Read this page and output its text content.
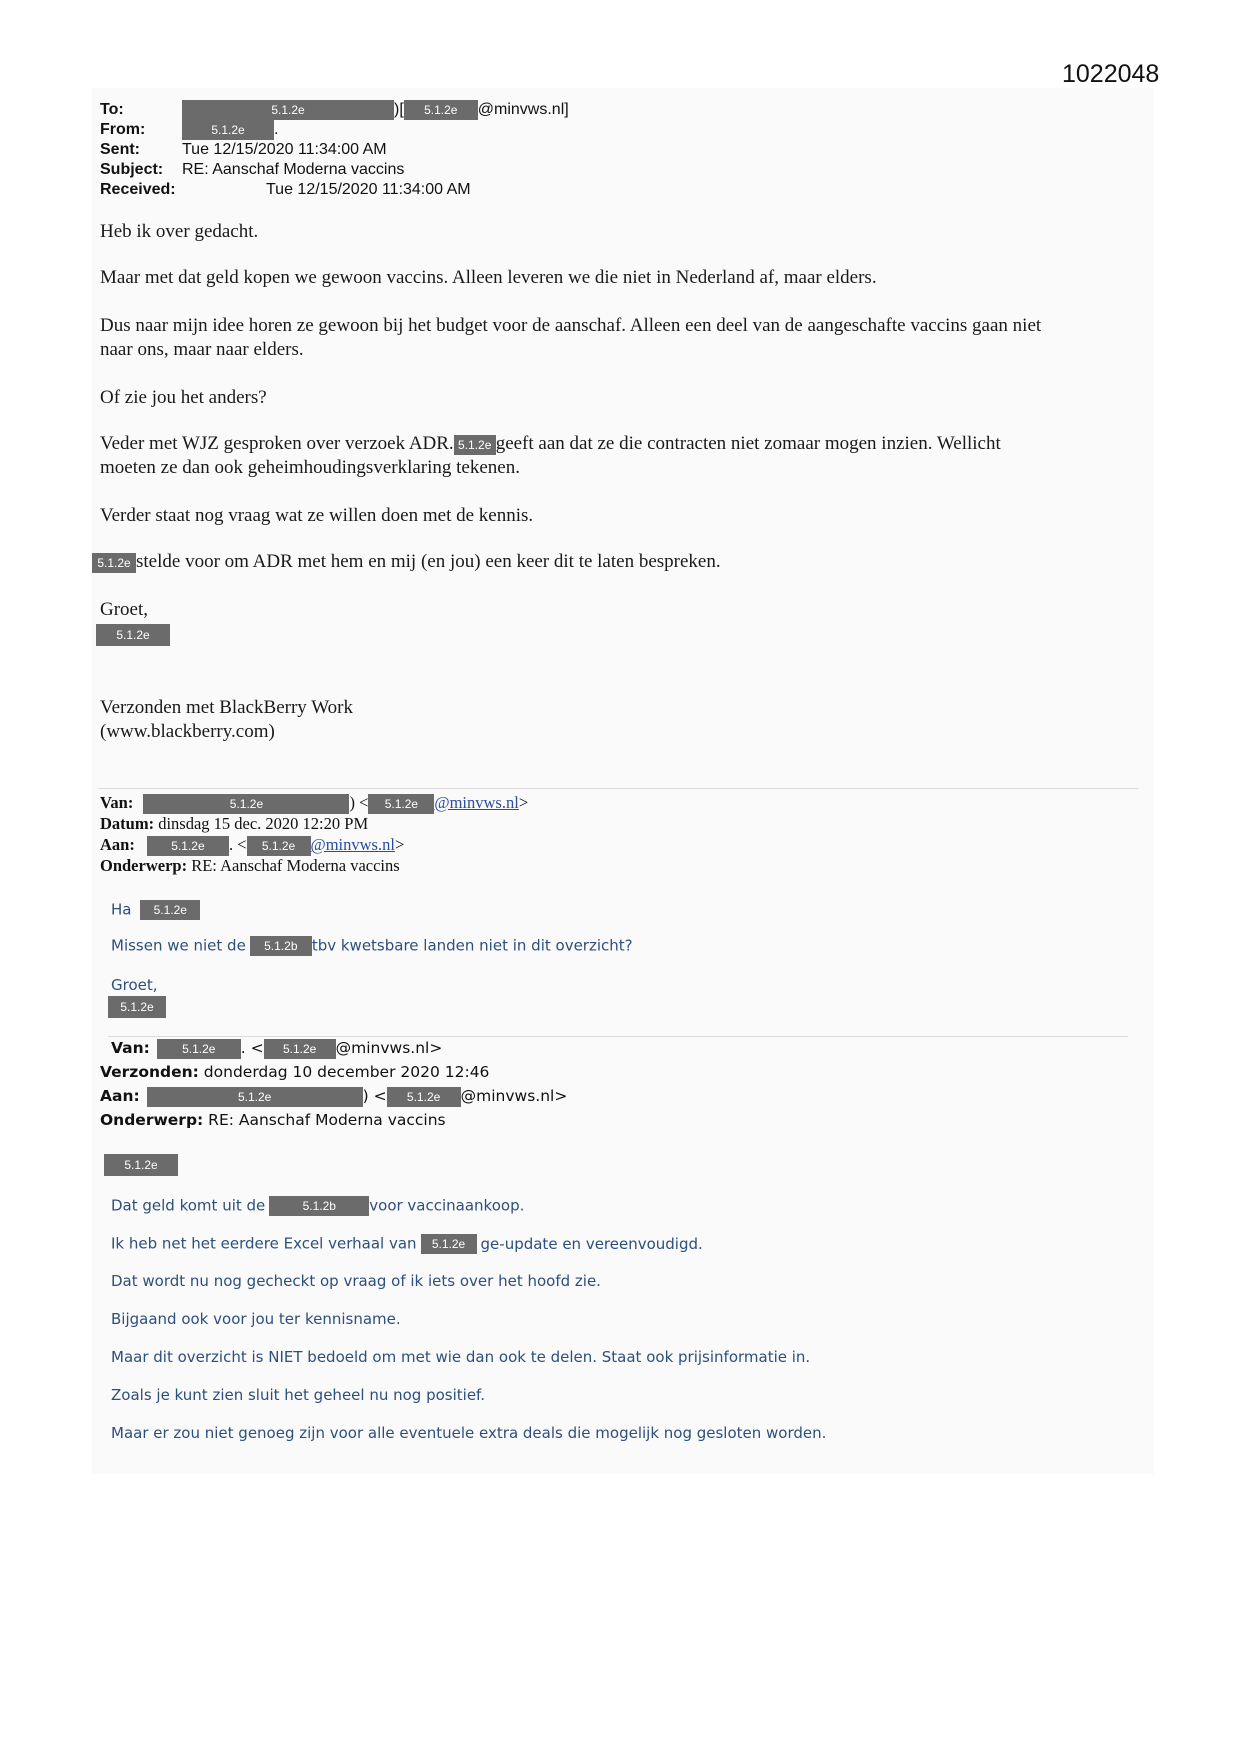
1022048
To:	5.1.2e	)[ 5.1.2e @minvws.nl]
From:	5.1.2e .
Sent:	Tue 12/15/2020 11:34:00 AM
Subject: RE: Aanschaf Moderna vaccins
Received:	Tue 12/15/2020 11:34:00 AM
Heb ik over gedacht.
Maar met dat geld kopen we gewoon vaccins. Alleen leveren we die niet in Nederland af, maar elders.
Dus naar mijn idee horen ze gewoon bij het budget voor de aanschaf. Alleen een deel van de aangeschafte vaccins gaan niet
naar ons, maar naar elders.
Of zie jou het anders?
Veder met WJZ gesproken over verzoek ADR. 5.1.2e geeft aan dat ze die contracten niet zomaar mogen inzien. Wellicht
moeten ze dan ook geheimhoudingsverklaring tekenen.
Verder staat nog vraag wat ze willen doen met de kennis.
5.1.2e stelde voor om ADR met hem en mij (en jou) een keer dit te laten bespreken.
Groet,
5.1.2e
Verzonden met BlackBerry Work
(www.blackberry.com)
Van:	5.1.2e	) < 5.1.2e @minvws.nl>
Datum: dinsdag 15 dec. 2020 12:20 PM
Aan:	5.1.2e . < 5.1.2e @minvws.nl>
Onderwerp: RE: Aanschaf Moderna vaccins
Ha 5.1.2e
Missen we niet de 5.1.2b tbv kwetsbare landen niet in dit overzicht?
Groet,
5.1.2e
Van:	5.1.2e . < 5.1.2e @minvws.nl>
Verzonden: donderdag 10 december 2020 12:46
Aan:	5.1.2e	) < 5.1.2e @minvws.nl>
Onderwerp: RE: Aanschaf Moderna vaccins
5.1.2e
Dat geld komt uit de	5.1.2b voor vaccinaankoop.
Ik heb net het eerdere Excel verhaal van 5.1.2e ge-update en vereenvoudigd.
Dat wordt nu nog gecheckt op vraag of ik iets over het hoofd zie.
Bijgaand ook voor jou ter kennisname.
Maar dit overzicht is NIET bedoeld om met wie dan ook te delen. Staat ook prijsinformatie in.
Zoals je kunt zien sluit het geheel nu nog positief.
Maar er zou niet genoeg zijn voor alle eventuele extra deals die mogelijk nog gesloten worden.
